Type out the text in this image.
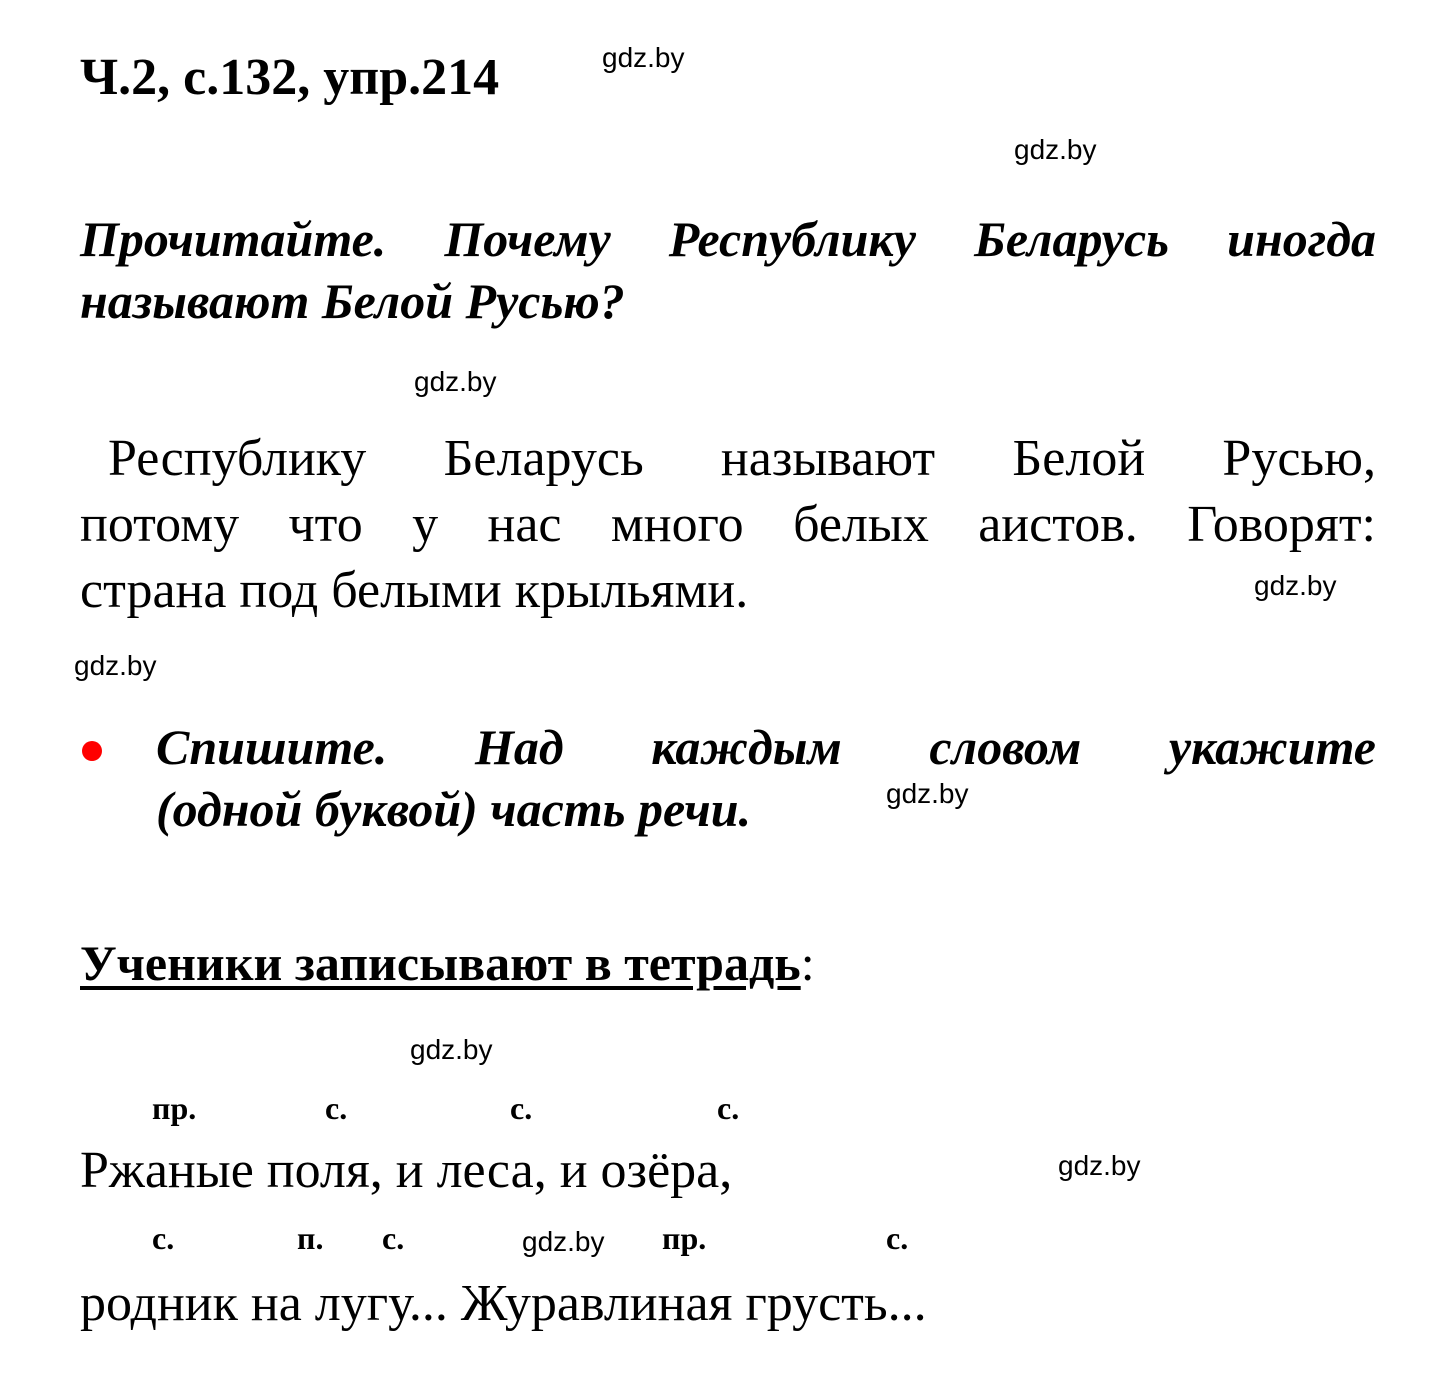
Ч.2, с.132, упр.214
Прочитайте. Почему Республику Беларусь иногда
называют Белой Русью?
Республику Беларусь называют Белой Русью,
потому что у нас много белых аистов. Говорят:
страна под белыми крыльями.
Спишите. Над каждым словом укажите
(одной буквой) часть речи.
Ученики записывают в тетрадь:
пр.	с.	с.	с.
Ржаные поля, и леса, и озёра,
с.	п. с.	пр.	с.
родник на лугу... Журавлиная грусть...
gdz.by
gdz.by
gdz.by
gdz.by
gdz.by
gdz.by
gdz.by
gdz.by
gdz.by
